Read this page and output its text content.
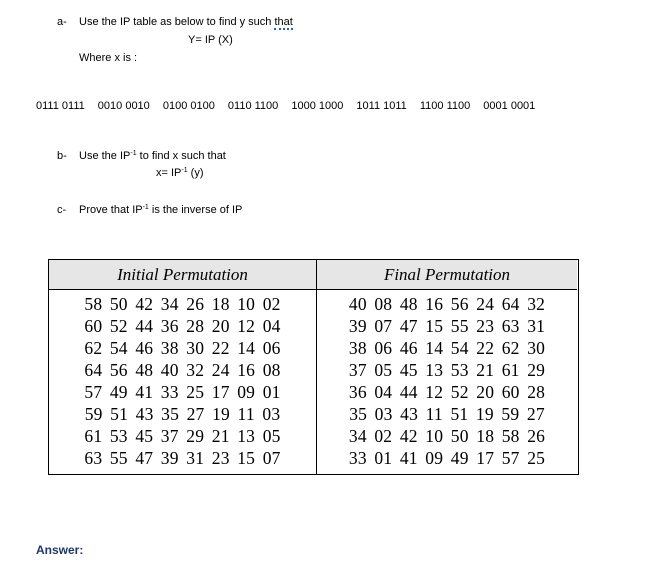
a- Use the IP table as below to find y such that
Y= IP (X)
Where x is :
0111 0111 0010 0010 0100 0100 0110 1100 1000 1000 1011 1011 1100 1100 0001 0001
b- Use the $IP^{-1}$ to find x such that
$x= IP^{-1}$ (y)
c- Prove that $IP^{-1}$ is the inverse of IP
Initial Permutation
58 50 42 34 26 18 10 02
60 52 44 36 28 20 12 04
62 54 46 38 30 22 14 06
64 56 48 40 32 24 16 08
57 49 41 33 25 17 09 01
59 51 43 35 27 19 11 03
61 53 45 37 29 21 13 05
63 55 47 39 31 23 15 07
Final Permutation
40 08 48 16 56 24 64 32
39 07 47 15 55 23 63 31
38 06 46 14 54 22 62 30
37 05 45 13 53 21 61 29
36 04 44 12 52 20 60 28
35 03 43 11 51 19 59 27
34 02 42 10 50 18 58 26
33 01 41 09 49 17 57 25
Answer:
